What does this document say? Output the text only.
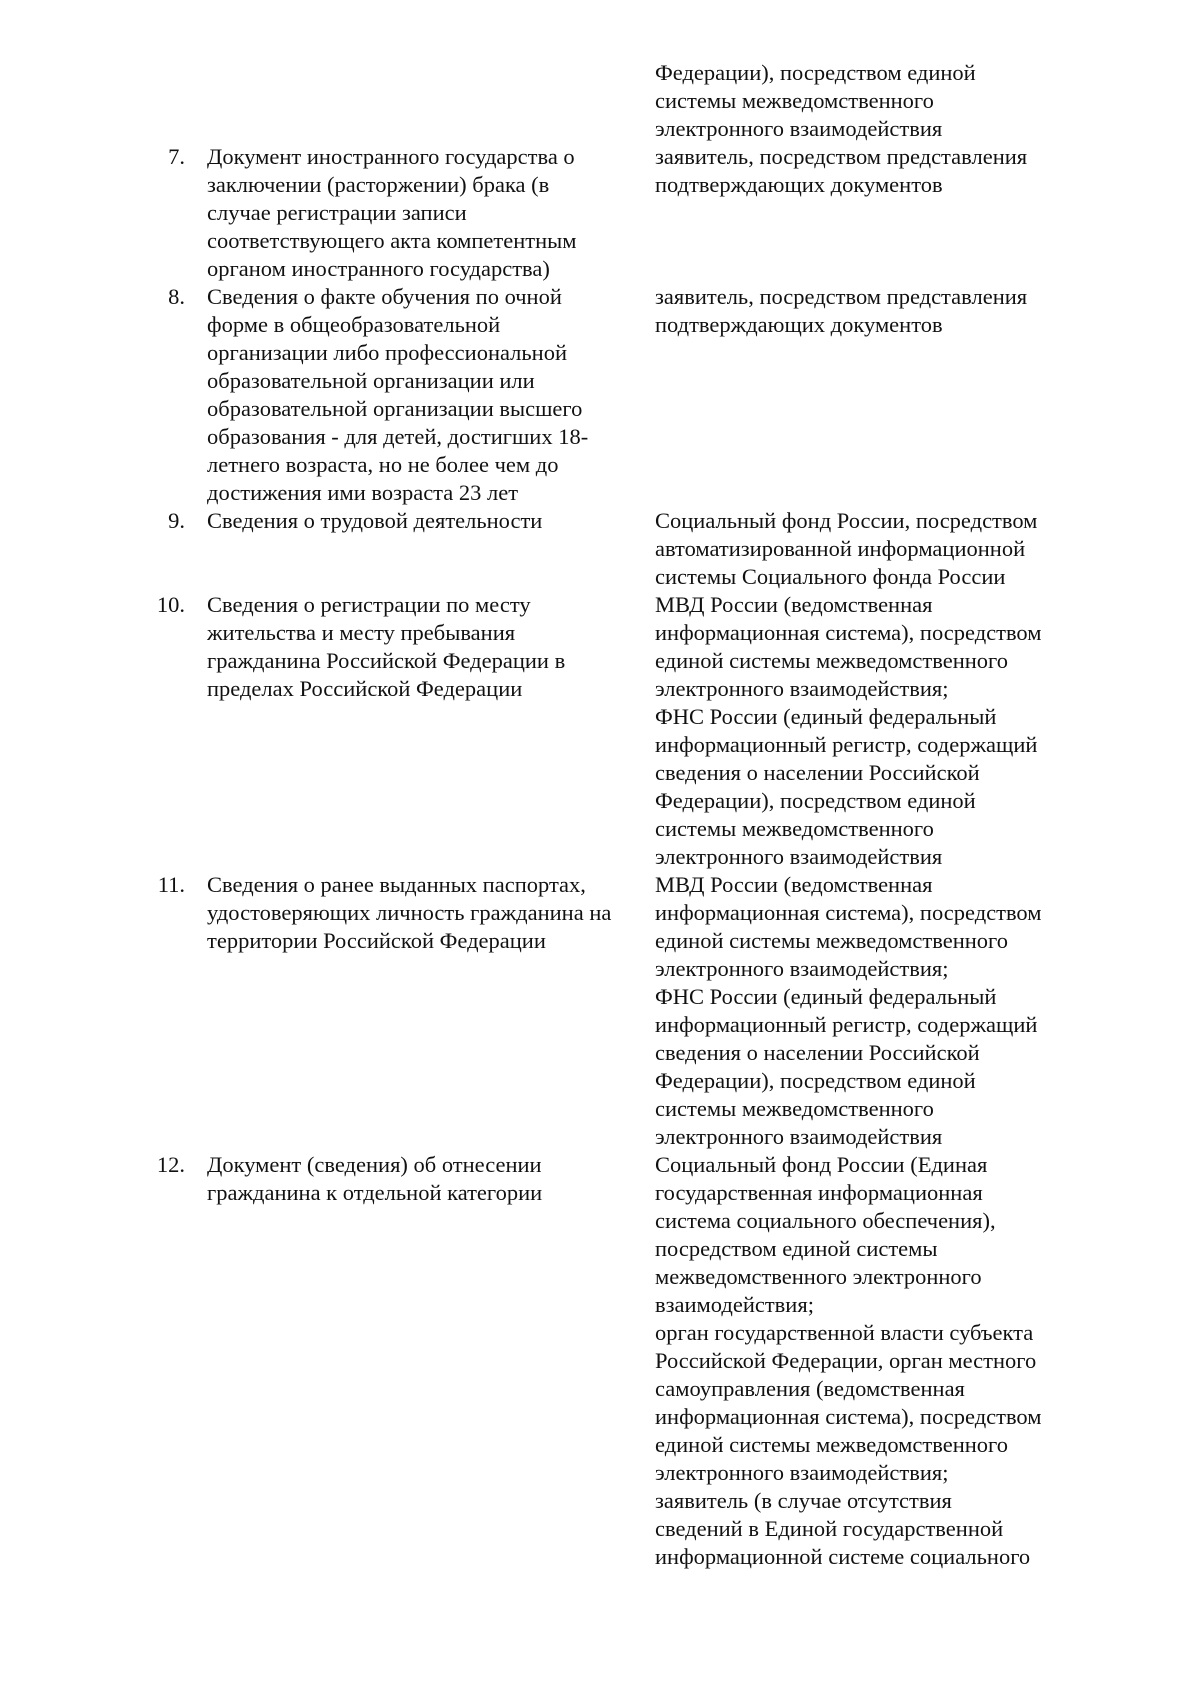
Федерации), посредством единой
системы межведомственного
электронного взаимодействия
7. Документ иностранного государства о
заключении (расторжении) брака (в
случае регистрации записи
соответствующего акта компетентным
органом иностранного государства)
заявитель, посредством представления
подтверждающих документов
8. Сведения о факте обучения по очной
форме в общеобразовательной
организации либо профессиональной
образовательной организации или
образовательной организации высшего
образования - для детей, достигших 18-
летнего возраста, но не более чем до
достижения ими возраста 23 лет
заявитель, посредством представления
подтверждающих документов
9. Сведения о трудовой деятельности	Социальный фонд России, посредством
автоматизированной информационной
системы Социального фонда России
10. Сведения о регистрации по месту
жительства и месту пребывания
гражданина Российской Федерации в
пределах Российской Федерации
МВД России (ведомственная
информационная система), посредством
единой системы межведомственного
электронного взаимодействия;
ФНС России (единый федеральный
информационный регистр, содержащий
сведения о населении Российской
Федерации), посредством единой
системы межведомственного
электронного взаимодействия
11. Сведения о ранее выданных паспортах,
удостоверяющих личность гражданина на
территории Российской Федерации
МВД России (ведомственная
информационная система), посредством
единой системы межведомственного
электронного взаимодействия;
ФНС России (единый федеральный
информационный регистр, содержащий
сведения о населении Российской
Федерации), посредством единой
системы межведомственного
электронного взаимодействия
12. Документ (сведения) об отнесении
гражданина к отдельной категории
Социальный фонд России (Единая
государственная информационная
система социального обеспечения),
посредством единой системы
межведомственного электронного
взаимодействия;
орган государственной власти субъекта
Российской Федерации, орган местного
самоуправления (ведомственная
информационная система), посредством
единой системы межведомственного
электронного взаимодействия;
заявитель (в случае отсутствия
сведений в Единой государственной
информационной системе социального
